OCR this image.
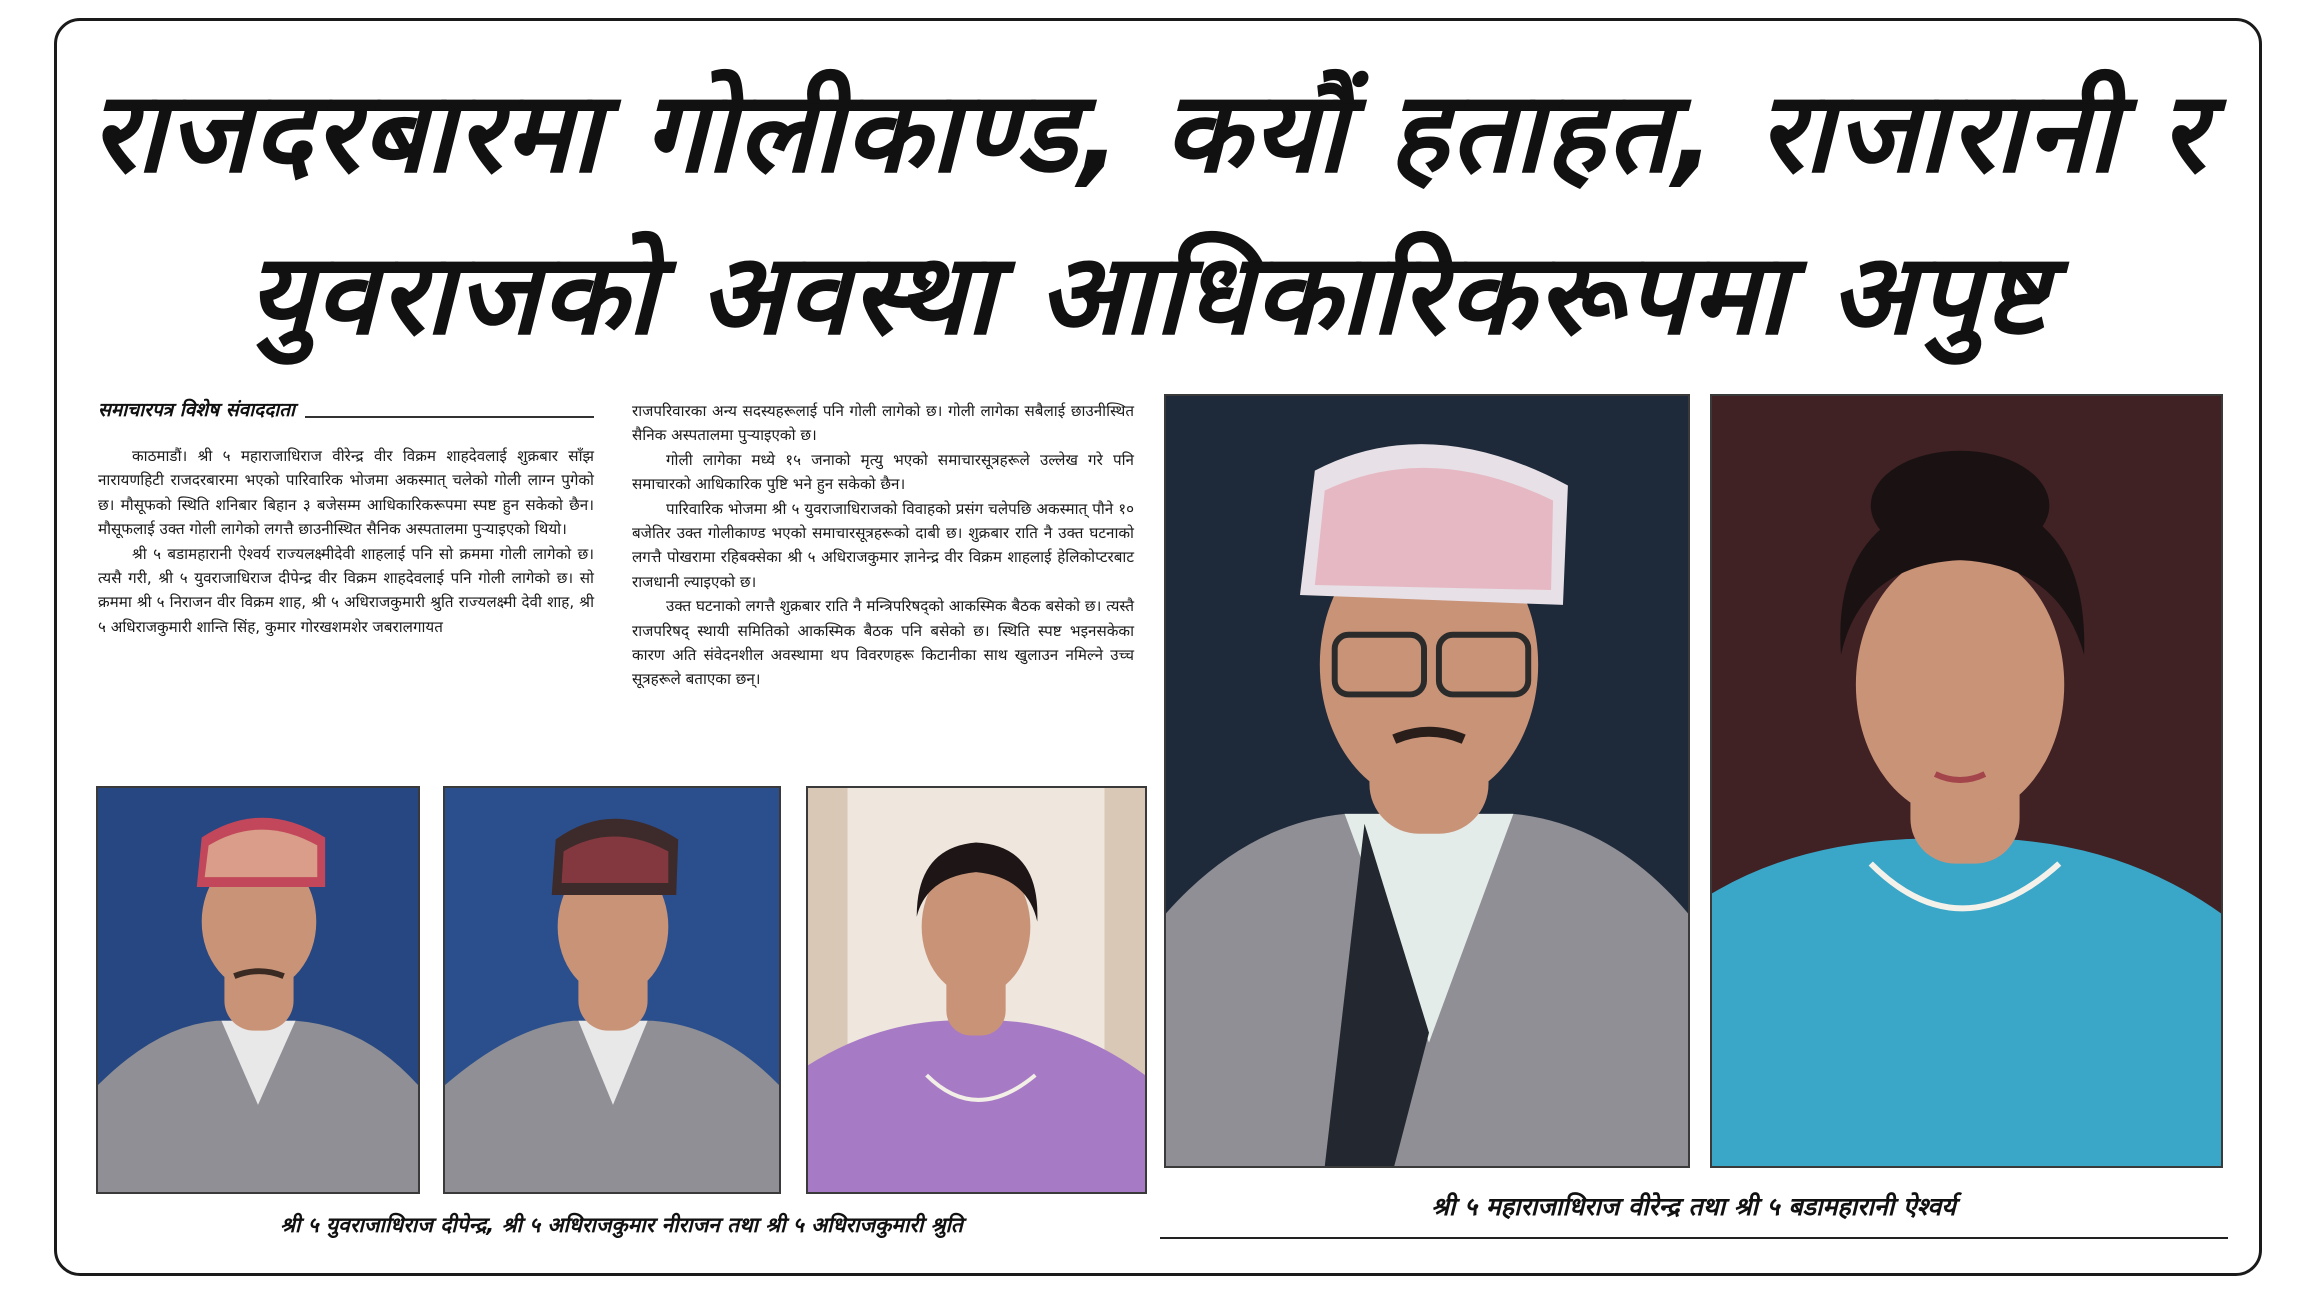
राजदरबारमा गोलीकाण्ड, कयौं हताहत, राजारानी र
युवराजको अवस्था आधिकारिकरूपमा अपुष्ट
समाचारपत्र विशेष संवाददाता

काठमाडौं। श्री ५ महाराजाधिराज वीरेन्द्र वीर विक्रम शाहदेवलाई शुक्रबार साँझ नारायणहिटी राजदरबारमा भएको पारिवारिक भोजमा अकस्मात् चलेको गोली लाग्न पुगेको छ। मौसूफको स्थिति शनिबार बिहान ३ बजेसम्म आधिकारिकरूपमा स्पष्ट हुन सकेको छैन। मौसूफलाई उक्त गोली लागेको लगत्तै छाउनीस्थित सैनिक अस्पतालमा पुऱ्याइएको थियो।

श्री ५ बडामहारानी ऐश्वर्य राज्यलक्ष्मीदेवी शाहलाई पनि सो क्रममा गोली लागेको छ। त्यसै गरी, श्री ५ युवराजाधिराज दीपेन्द्र वीर विक्रम शाहदेवलाई पनि गोली लागेको छ। सो क्रममा श्री ५ निराजन वीर विक्रम शाह, श्री ५ अधिराजकुमारी श्रुति राज्यलक्ष्मी देवी शाह, श्री ५ अधिराजकुमारी शान्ति सिंह, कुमार गोरखशमशेर जबरालगायत

राजपरिवारका अन्य सदस्यहरूलाई पनि गोली लागेको छ। गोली लागेका सबैलाई छाउनीस्थित सैनिक अस्पतालमा पुऱ्याइएको छ।

गोली लागेका मध्ये १५ जनाको मृत्यु भएको समाचारसूत्रहरूले उल्लेख गरे पनि समाचारको आधिकारिक पुष्टि भने हुन सकेको छैन।

पारिवारिक भोजमा श्री ५ युवराजाधिराजको विवाहको प्रसंग चलेपछि अकस्मात् पौने १० बजेतिर उक्त गोलीकाण्ड भएको समाचारसूत्रहरूको दाबी छ। शुक्रबार राति नै उक्त घटनाको लगत्तै पोखरामा रहिबक्सेका श्री ५ अधिराजकुमार ज्ञानेन्द्र वीर विक्रम शाहलाई हेलिकोप्टरबाट राजधानी ल्याइएको छ।

उक्त घटनाको लगत्तै शुक्रबार राति नै मन्त्रिपरिषद्को आकस्मिक बैठक बसेको छ। त्यस्तै राजपरिषद् स्थायी समितिको आकस्मिक बैठक पनि बसेको छ। स्थिति स्पष्ट भइनसकेका कारण अति संवेदनशील अवस्थामा थप विवरणहरू किटानीका साथ खुलाउन नमिल्ने उच्च सूत्रहरूले बताएका छन्।

श्री ५ युवराजाधिराज दीपेन्द्र, श्री ५ अधिराजकुमार नीराजन तथा श्री ५ अधिराजकुमारी श्रुति
श्री ५ महाराजाधिराज वीरेन्द्र तथा श्री ५ बडामहारानी ऐश्वर्य
